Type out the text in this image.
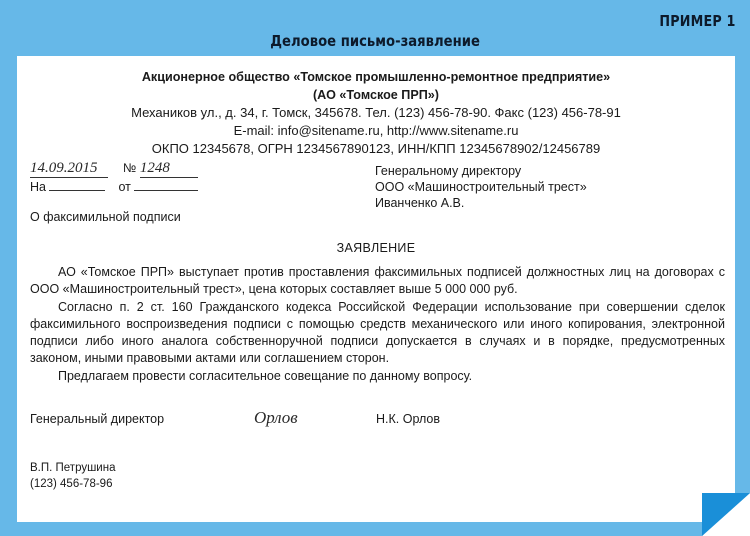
ПРИМЕР 1
Деловое письмо-заявление
Акционерное общество «Томское промышленно-ремонтное предприятие»
(АО «Томское ПРП»)
Механиков ул., д. 34, г. Томск, 345678. Тел. (123) 456-78-90. Факс (123) 456-78-91
E-mail: info@sitename.ru, http://www.sitename.ru
ОКПО 12345678, ОГРН 1234567890123, ИНН/КПП 12345678902/12456789
14.09.2015 № 1248
На	от
Генеральному директору
ООО «Машиностроительный трест»
Иванченко А.В.
О факсимильной подписи
ЗАЯВЛЕНИЕ

АО «Томское ПРП» выступает против проставления факсимильных подписей должностных лиц на договорах с ООО «Машиностроительный трест», цена которых составляет выше 5 000 000 руб.

Согласно п. 2 ст. 160 Гражданского кодекса Российской Федерации использование при совершении сделок факсимильного воспроизведения подписи с помощью средств механического или иного копирования, электронной подписи либо иного аналога собственноручной подписи допускается в случаях и в порядке, предусмотренных законом, иными правовыми актами или соглашением сторон.

Предлагаем провести согласительное совещание по данному вопросу.

Генеральный директор	Орлов	Н.К. Орлов
В.П. Петрушина
(123) 456-78-96
